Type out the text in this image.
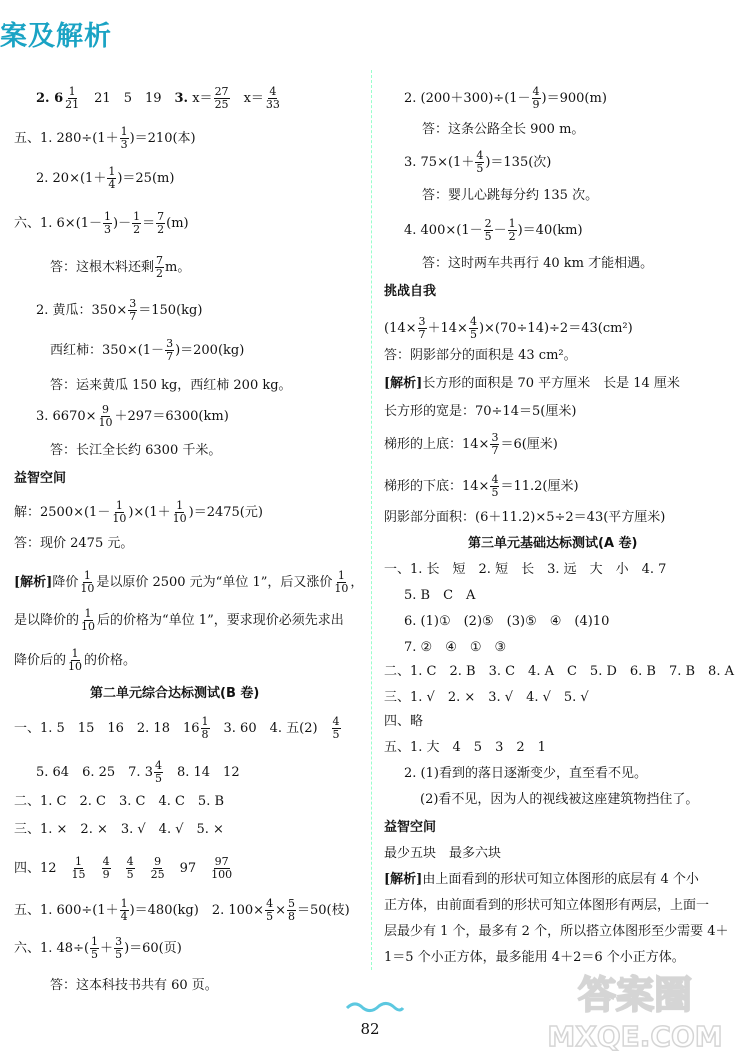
案及解析
2. $6 \frac{1}{21}$ 　21　5　19　3. $x= \frac{27}{25}$ 　$x= \frac{4}{33}$
五、1. $280\div(1+ \frac{1}{3} )=210$(本)
2. $20\times(1+ \frac{1}{4} )=25(m)$
六、1. $6\times(1- \frac{1}{3}$ )－ $\frac{1}{2} = \frac{7}{2} (m)$
答：这根木料还剩 $\frac{7}{2}$ m。
2. 黄瓜：$350\times \frac{3}{7} =150(kg)$
西红柿：$350\times(1- \frac{3}{7} )=200(kg)$
答：运来黄瓜 150 kg，西红柿 200 kg。
3. $6670\times \frac{9}{10} +297=6300(km)$
答：长江全长约 6300 千米。
益智空间
解：$2500\times(1- \frac{1}{10} )\times(1+ \frac{1}{10} )=2475$(元)
答：现价 2475 元。
[解析]降价 $\frac{1}{10}$ 是以原价 2500 元为“单位 1”，后又涨价 $\frac{1}{10}$ ，
是以降价的 $\frac{1}{10}$ 后的价格为“单位 1”，要求现价必须先求出
降价后的 $\frac{1}{10}$ 的价格。
第二单元综合达标测试(B 卷)
一、1. 5　15　16　2. 18　$16 \frac{1}{8}$ 　3. 60　4. 五(2)　 $\frac{4}{5}$
5. 64　6. 25　7. $3 \frac{4}{5}$ 　8. 14　12
二、1. C　2. C　3. C　4. C　5. B
三、1. ×　2. ×　3. √　4. √　5. ×
四、12　 $\frac{1}{15}$
　 $\frac{4}{9}$
　 $\frac{4}{5}$
　 $\frac{9}{25}$ 　97　 $\frac{97}{100}$
五、1. $600\div(1+ \frac{1}{4} )=480(kg)$　2. $100\times \frac{4}{5} \times \frac{5}{8} =50$(枝)
六、1. $48\div( \frac{1}{5} + \frac{3}{5} )=60$(页)
答：这本科技书共有 60 页。
2. $(200+300)\div(1- \frac{4}{9} )=900(m)$
答：这条公路全长 900 m。
3. $75\times(1+ \frac{4}{5} )=135$(次)
答：婴儿心跳每分约 135 次。
4. $400\times(1- \frac{2}{5} - \frac{1}{2} )=40(km)$
答：这时两车共再行 40 km 才能相遇。
挑战自我
$(14\times \frac{3}{7} +14\times \frac{4}{5} )\times(70\div 14)\div 2=43(cm^2)$
答：阴影部分的面积是 43 cm²。
[解析]长方形的面积是 70 平方厘米　长是 14 厘米
长方形的宽是：70÷14＝5(厘米)
梯形的上底：$14\times \frac{3}{7} =6$(厘米)
梯形的下底：$14\times \frac{4}{5} =11.2$(厘米)
阴影部分面积：(6＋11.2)×5÷2＝43(平方厘米)
第三单元基础达标测试(A 卷)
一、1. 长　短　2. 短　长　3. 远　大　小　4. 7
5. B　C　A
6. (1)①　(2)⑤　(3)⑤　④　(4)10
7. ②　④　①　③
二、1. C　2. B　3. C　4. A　C　5. D　6. B　7. B　8. A
三、1. √　2. ×　3. √　4. √　5. √
四、略
五、1. 大　4　5　3　2　1
2. (1)看到的落日逐渐变少，直至看不见。
(2)看不见，因为人的视线被这座建筑物挡住了。
益智空间
最少五块　最多六块
[解析]由上面看到的形状可知立体图形的底层有 4 个小
正方体，由前面看到的形状可知立体图形有两层，上面一
层最少有 1 个，最多有 2 个，所以搭立体图形至少需要 4＋
1＝5 个小正方体，最多能用 4＋2＝6 个小正方体。
82
答案圈
MXQE.COM
